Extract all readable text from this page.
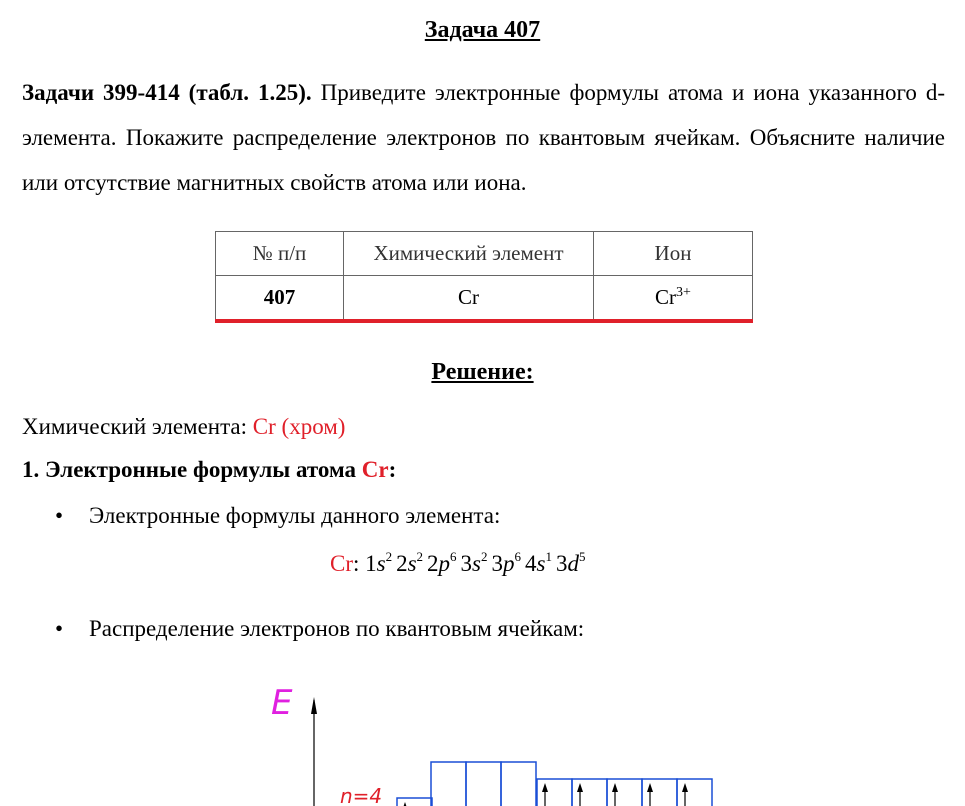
Задача 407
Задачи 399-414 (табл. 1.25). Приведите электронные формулы атома и иона указанного d-элемента. Покажите распределение электронов по квантовым ячейкам. Объясните наличие или отсутствие магнитных свойств атома или иона.
№ п/п	Химический элемент	Ион
407	Cr	$Cr^{3+}$
Решение:
Химический элемента: Cr (хром)
1. Электронные формулы атома Cr:
• Электронные формулы данного элемента:
Cr: $1s^2$ $2s^2$ $2p^6$ $3s^2$ $3p^6$ $4s^1$ $3d^5$
• Распределение электронов по квантовым ячейкам:
E
n=4
